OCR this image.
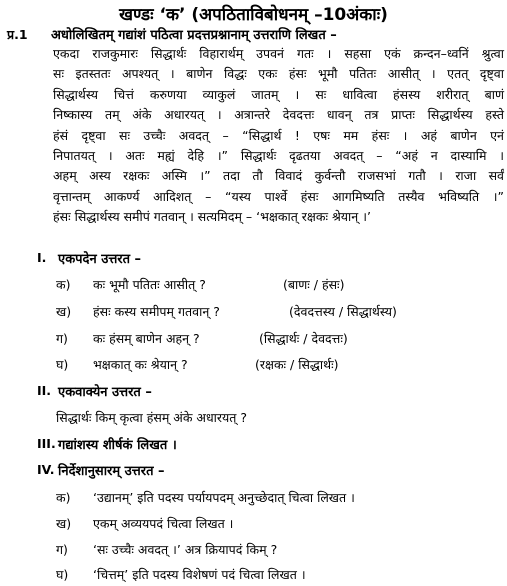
खण्डः ‘क’ (अपठिताविबोधनम् –10अंकाः)
प्र.1 अधोलिखितम् गद्यांशं पठित्वा प्रदत्तप्रश्नानाम् उत्तराणि लिखत –
एकदा राजकुमारः सिद्धार्थः विहारार्थम् उपवनं गतः । सहसा एकं क्रन्दन–ध्वनिं श्रुत्वा
सः इतस्ततः अपश्यत् । बाणेन विद्धः एकः हंसः भूमौ पतितः आसीत् । एतत् दृष्ट्वा
सिद्धार्थस्य चित्तं करुणया व्याकुलं जातम् । सः धावित्वा हंसस्य शरीरात् बाणं
निष्कास्य तम् अंके अधारयत् । अत्रान्तरे देवदत्तः धावन् तत्र प्राप्तः सिद्धार्थस्य हस्ते
हंसं दृष्ट्वा सः उच्चैः अवदत् – “सिद्धार्थ ! एषः मम हंसः । अहं बाणेन एनं
निपातयत् । अतः मह्यं देहि ।” सिद्धार्थः दृढतया अवदत् – “अहं न दास्यामि ।
अहम् अस्य रक्षकः अस्मि ।” तदा तौ विवादं कुर्वन्तौ राजसभां गतौ । राजा सर्वं
वृत्तान्तम् आकर्ण्य आदिशत् – “यस्य पार्श्वे हंसः आगमिष्यति तस्यैव भविष्यति ।”
हंसः सिद्धार्थस्य समीपं गतवान् । सत्यमिदम् – ‘भक्षकात् रक्षकः श्रेयान् ।’
I. एकपदेन उत्तरत –
क) कः भूमौ पतितः आसीत् ?	(बाणः / हंसः)
ख) हंसः कस्य समीपम् गतवान् ?	(देवदत्तस्य / सिद्धार्थस्य)
ग) कः हंसम् बाणेन अहन् ?	(सिद्धार्थः / देवदत्तः)
घ) भक्षकात् कः श्रेयान् ?	(रक्षकः / सिद्धार्थः)
II. एकवाक्येन उत्तरत –
सिद्धार्थः किम् कृत्वा हंसम् अंके अधारयत् ?
III. गद्यांशस्य शीर्षकं लिखत ।
IV. निर्देशानुसारम् उत्तरत –
क) ‘उद्यानम्’ इति पदस्य पर्यायपदम् अनुच्छेदात् चित्वा लिखत ।
ख) एकम् अव्ययपदं चित्वा लिखत ।
ग) ‘सः उच्चैः अवदत् ।’ अत्र क्रियापदं किम् ?
घ) ‘चित्तम्’ इति पदस्य विशेषणं पदं चित्वा लिखत ।
